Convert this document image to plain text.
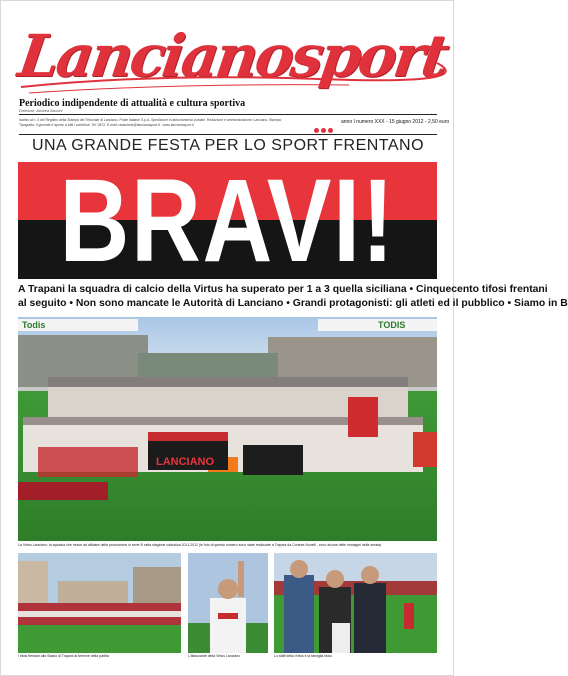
Lancianosport
Periodico indipendente di attualità e cultura sportiva
Direttore: Andrea Bucchi
Iscritto al n. 4 del Registro della Stampa del Tribunale di Lanciano. Poste Italiane S.p.A. Spedizione in abbonamento postale. Redazione e amministrazione: Lanciano. Stampa: Tipografia. Il giornale è aperto a tutti i contributi. Tel. 0872. E-mail: redazione@lancianosport.it - www.lancianosport.it	anno I numero XXX - 15 giugno 2012 - 2,50 euro
UNA GRANDE FESTA PER LO SPORT FRENTANO
BRAVI!
A Trapani la squadra di calcio della Virtus ha superato per 1 a 3 quella siciliana • Cinquecento tifosi frentani
al seguito • Non sono mancate le Autorità di Lanciano • Grandi protagonisti: gli atleti ed il pubblico • Siamo in B
Todis	TODIS
LANCIANO
La Virtus Lanciano: la squadra che riesce ad affidare della promozione in serie B nella stagione calcistica 2011-2012 (le foto di questo numero sono state realizzate a Trapani da Cortese Novelli - ecco alcune delle immagini della serata)
I tifosi frentani allo Stadio di Trapani al termine della partita	L'attaccante della Virtus Lanciano	Lo staff della Virtus e la famiglia Maio
